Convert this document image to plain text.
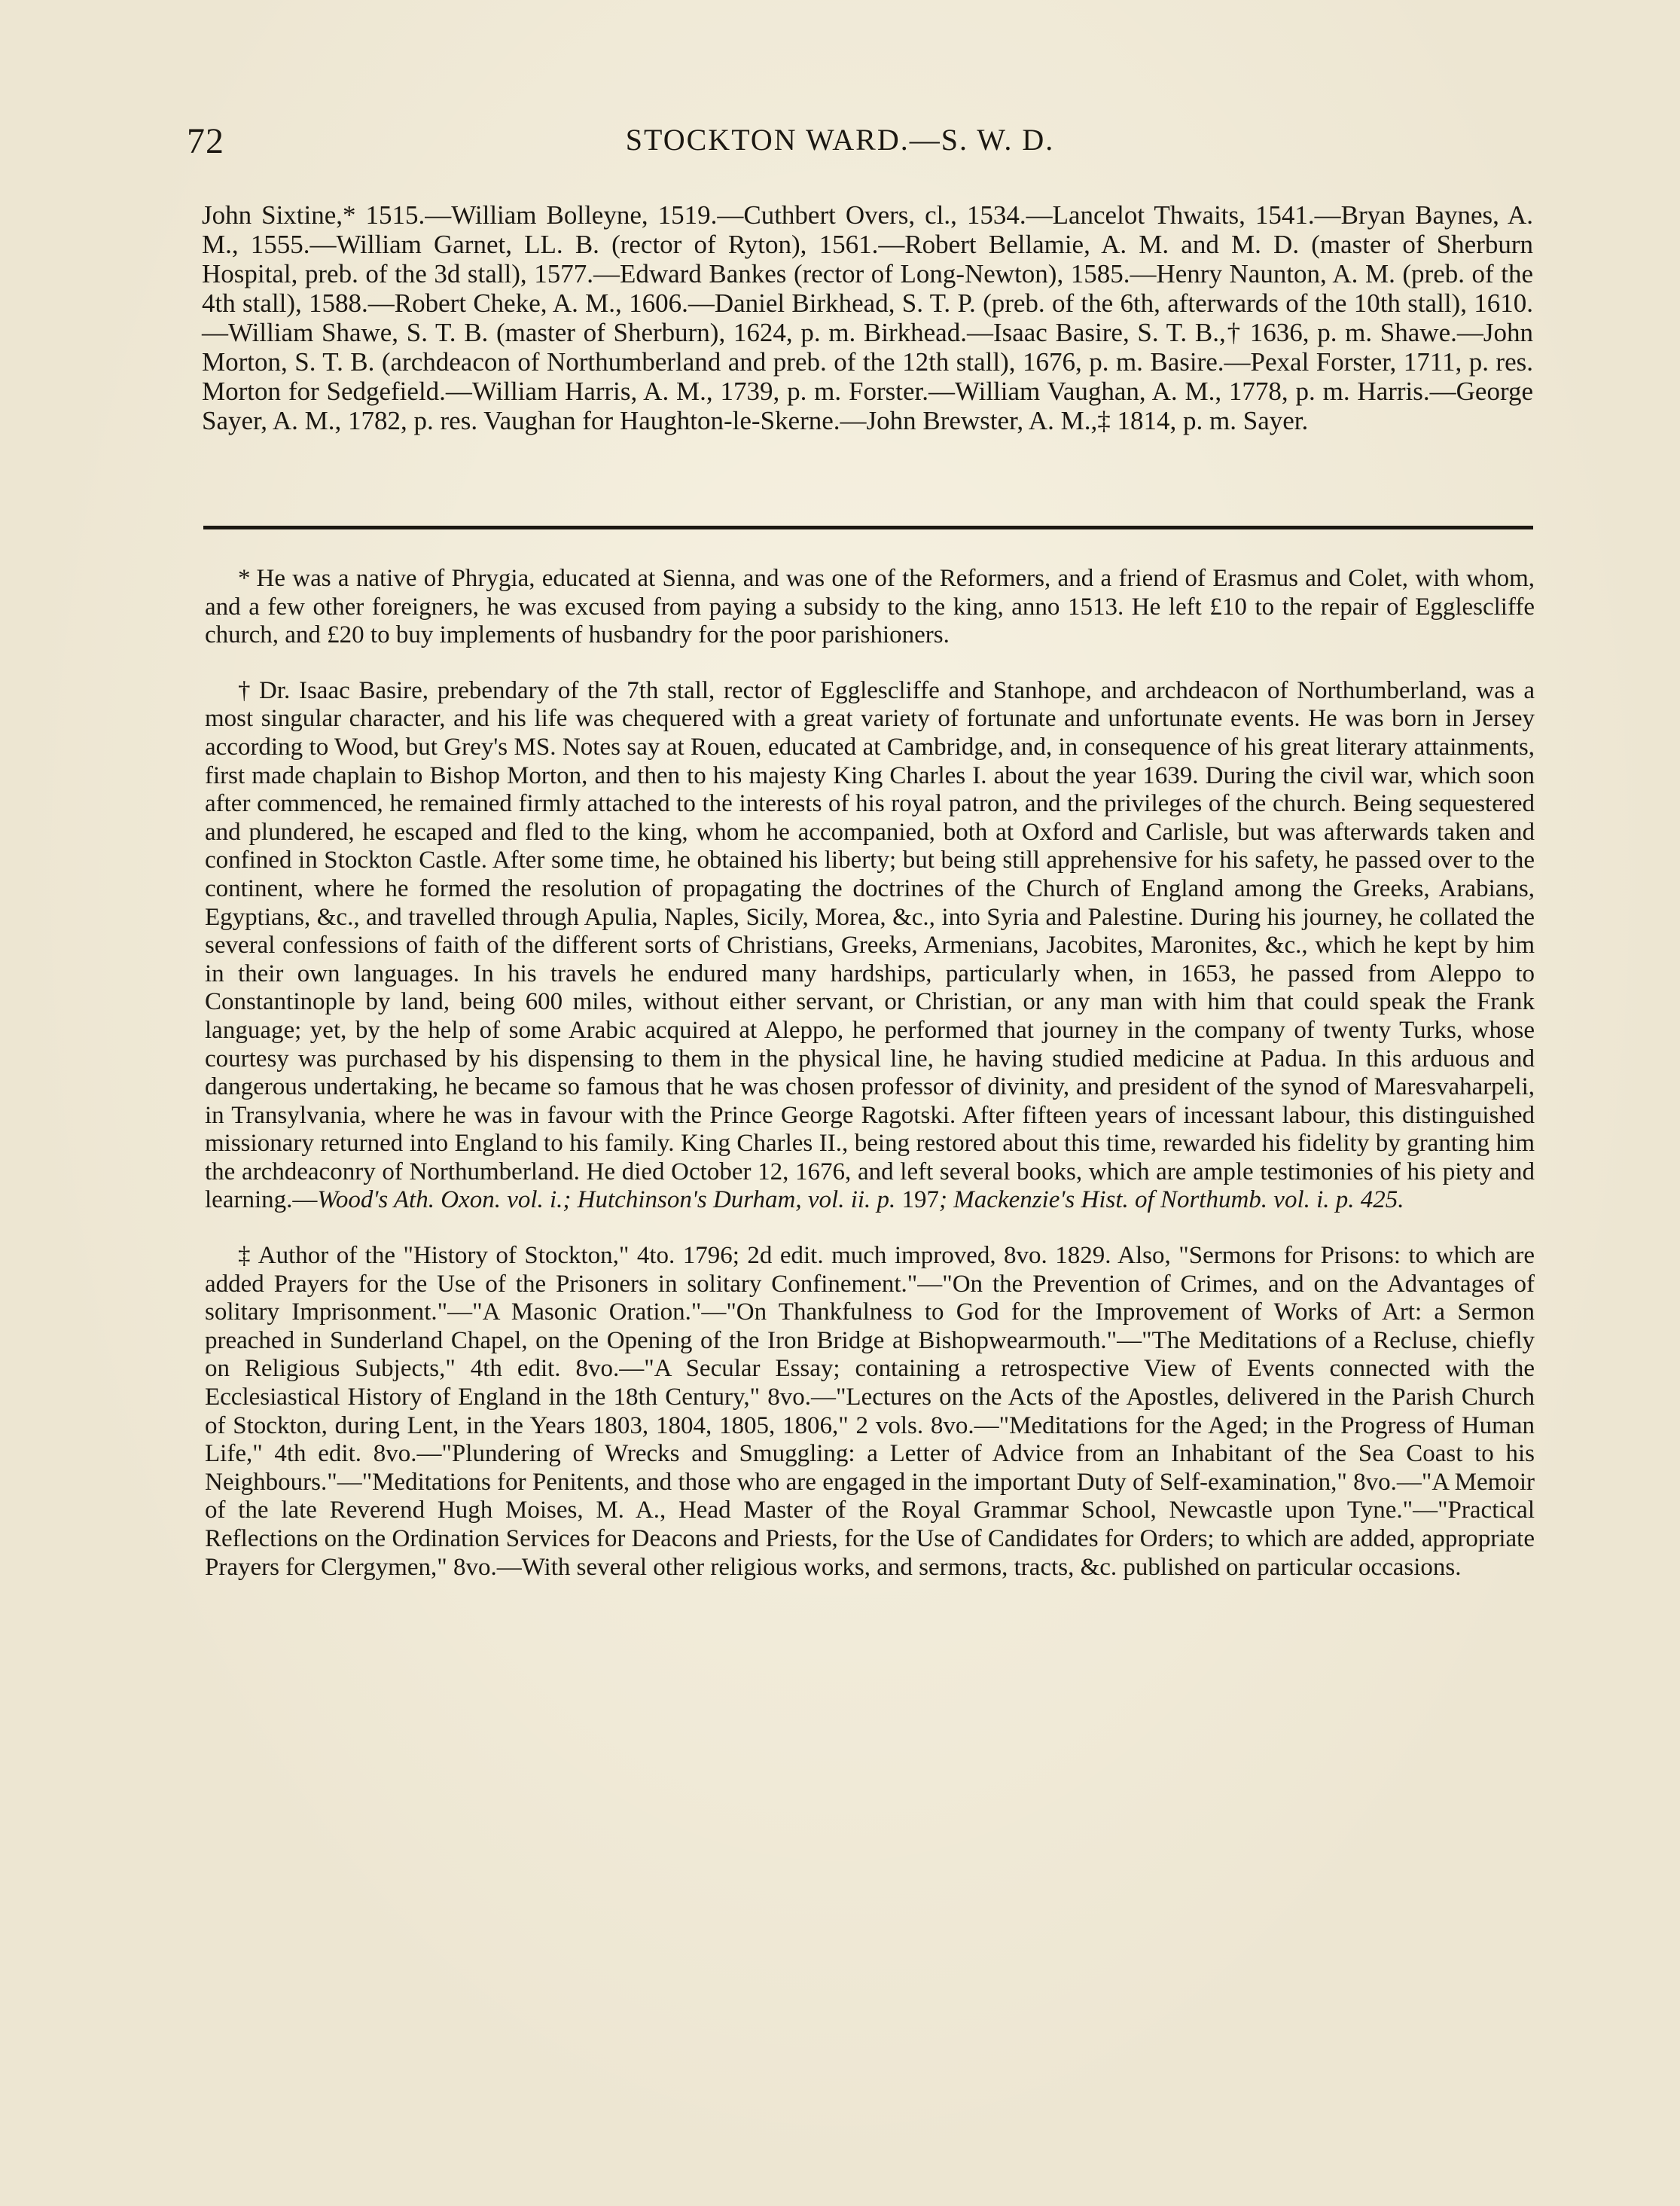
72	STOCKTON WARD.—S. W. D.

John Sixtine,* 1515.—William Bolleyne, 1519.—Cuthbert Overs, cl., 1534.—Lancelot Thwaits, 1541.—Bryan Baynes, A. M., 1555.—William Garnet, LL. B. (rector of Ryton), 1561.—Robert Bellamie, A. M. and M. D. (master of Sherburn Hospital, preb. of the 3d stall), 1577.—Edward Bankes (rector of Long-Newton), 1585.—Henry Naunton, A. M. (preb. of the 4th stall), 1588.—Robert Cheke, A. M., 1606.—Daniel Birkhead, S. T. P. (preb. of the 6th, afterwards of the 10th stall), 1610.—William Shawe, S. T. B. (master of Sherburn), 1624, p. m. Birkhead.—Isaac Basire, S. T. B.,† 1636, p. m. Shawe.—John Morton, S. T. B. (archdeacon of Northumberland and preb. of the 12th stall), 1676, p. m. Basire.—Pexal Forster, 1711, p. res. Morton for Sedgefield.—William Harris, A. M., 1739, p. m. Forster.—William Vaughan, A. M., 1778, p. m. Harris.—George Sayer, A. M., 1782, p. res. Vaughan for Haughton-le-Skerne.—John Brewster, A. M.,‡ 1814, p. m. Sayer.

* He was a native of Phrygia, educated at Sienna, and was one of the Reformers, and a friend of Erasmus and Colet, with whom, and a few other foreigners, he was excused from paying a subsidy to the king, anno 1513. He left £10 to the repair of Egglescliffe church, and £20 to buy implements of husbandry for the poor parishioners.

† Dr. Isaac Basire, prebendary of the 7th stall, rector of Egglescliffe and Stanhope, and archdeacon of Northumberland, was a most singular character, and his life was chequered with a great variety of fortunate and unfortunate events. He was born in Jersey according to Wood, but Grey's MS. Notes say at Rouen, educated at Cambridge, and, in consequence of his great literary attainments, first made chaplain to Bishop Morton, and then to his majesty King Charles I. about the year 1639. During the civil war, which soon after commenced, he remained firmly attached to the interests of his royal patron, and the privileges of the church. Being sequestered and plundered, he escaped and fled to the king, whom he accompanied, both at Oxford and Carlisle, but was afterwards taken and confined in Stockton Castle. After some time, he obtained his liberty; but being still apprehensive for his safety, he passed over to the continent, where he formed the resolution of propagating the doctrines of the Church of England among the Greeks, Arabians, Egyptians, &c., and travelled through Apulia, Naples, Sicily, Morea, &c., into Syria and Palestine. During his journey, he collated the several confessions of faith of the different sorts of Christians, Greeks, Armenians, Jacobites, Maronites, &c., which he kept by him in their own languages. In his travels he endured many hardships, particularly when, in 1653, he passed from Aleppo to Constantinople by land, being 600 miles, without either servant, or Christian, or any man with him that could speak the Frank language; yet, by the help of some Arabic acquired at Aleppo, he performed that journey in the company of twenty Turks, whose courtesy was purchased by his dispensing to them in the physical line, he having studied medicine at Padua. In this arduous and dangerous undertaking, he became so famous that he was chosen professor of divinity, and president of the synod of Maresvaharpeli, in Transylvania, where he was in favour with the Prince George Ragotski. After fifteen years of incessant labour, this distinguished missionary returned into England to his family. King Charles II., being restored about this time, rewarded his fidelity by granting him the archdeaconry of Northumberland. He died October 12, 1676, and left several books, which are ample testimonies of his piety and learning.—Wood's Ath. Oxon. vol. i.; Hutchinson's Durham, vol. ii. p. 197; Mackenzie's Hist. of Northumb. vol. i. p. 425.

‡ Author of the "History of Stockton," 4to. 1796; 2d edit. much improved, 8vo. 1829. Also, "Sermons for Prisons: to which are added Prayers for the Use of the Prisoners in solitary Confinement."—"On the Prevention of Crimes, and on the Advantages of solitary Imprisonment."—"A Masonic Oration."—"On Thankfulness to God for the Improvement of Works of Art: a Sermon preached in Sunderland Chapel, on the Opening of the Iron Bridge at Bishopwearmouth."—"The Meditations of a Recluse, chiefly on Religious Subjects," 4th edit. 8vo.—"A Secular Essay; containing a retrospective View of Events connected with the Ecclesiastical History of England in the 18th Century," 8vo.—"Lectures on the Acts of the Apostles, delivered in the Parish Church of Stockton, during Lent, in the Years 1803, 1804, 1805, 1806," 2 vols. 8vo.—"Meditations for the Aged; in the Progress of Human Life," 4th edit. 8vo.—"Plundering of Wrecks and Smuggling: a Letter of Advice from an Inhabitant of the Sea Coast to his Neighbours."—"Meditations for Penitents, and those who are engaged in the important Duty of Self-examination," 8vo.—"A Memoir of the late Reverend Hugh Moises, M. A., Head Master of the Royal Grammar School, Newcastle upon Tyne."—"Practical Reflections on the Ordination Services for Deacons and Priests, for the Use of Candidates for Orders; to which are added, appropriate Prayers for Clergymen," 8vo.—With several other religious works, and sermons, tracts, &c. published on particular occasions.
